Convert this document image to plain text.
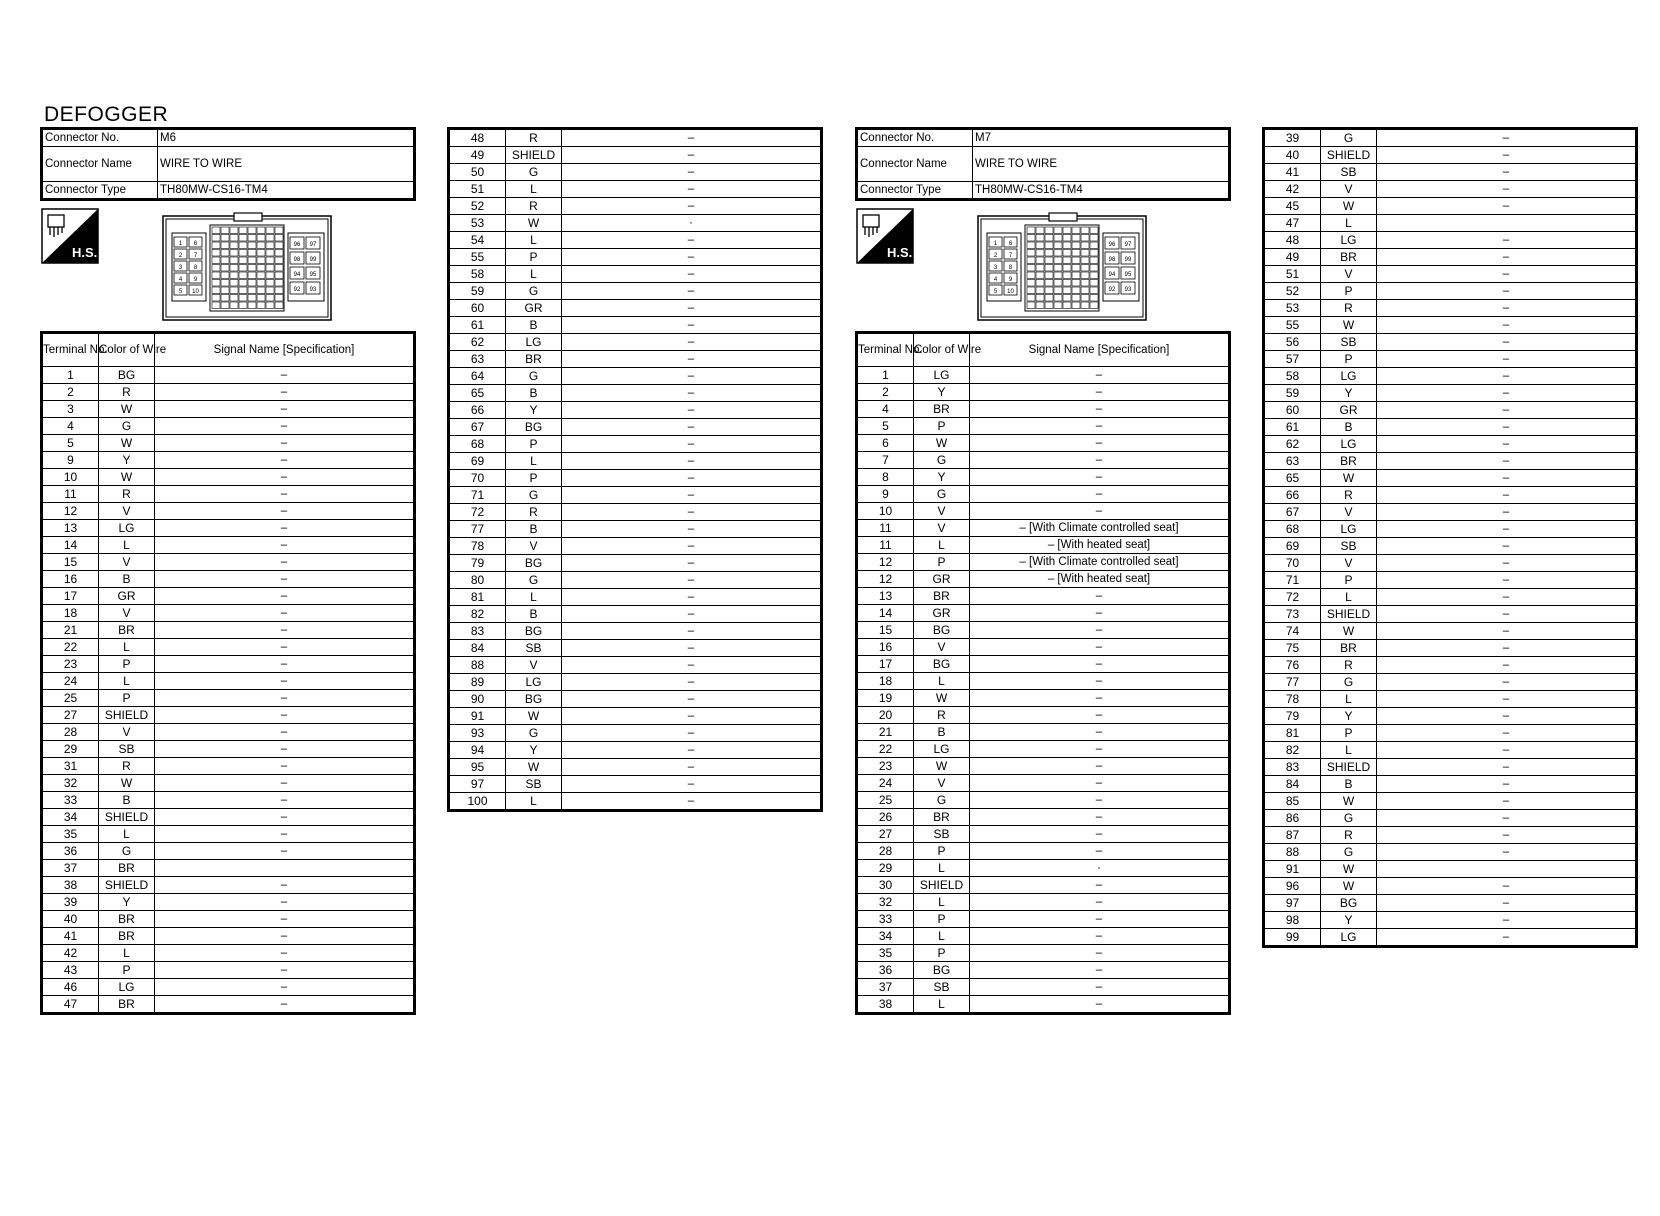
DEFOGGER
Connector No.	M6
Connector Name	WIRE TO WIRE
Connector Type	TH80MW-CS16-TM4
H.S.
1 6
2 7
3 8
4 9
5 10
96 97
98 99
94 95
92 93
Terminal No.	Color of Wire	Signal Name [Specification]
1	BG	–
2	R	–
3	W	–
4	G	–
5	W	–
9	Y	–
10	W	–
11	R	–
12	V	–
13	LG	–
14	L	–
15	V	–
16	B	–
17	GR	–
18	V	–
21	BR	–
22	L	–
23	P	–
24	L	–
25	P	–
27	SHIELD	–
28	V	–
29	SB	–
31	R	–
32	W	–
33	B	–
34	SHIELD	–
35	L	–
36	G	–
37	BR	
38	SHIELD	–
39	Y	–
40	BR	–
41	BR	–
42	L	–
43	P	–
46	LG	–
47	BR	–
48	R	–
49	SHIELD	–
50	G	–
51	L	–
52	R	–
53	W	·
54	L	–
55	P	–
58	L	–
59	G	–
60	GR	–
61	B	–
62	LG	–
63	BR	–
64	G	–
65	B	–
66	Y	–
67	BG	–
68	P	–
69	L	–
70	P	–
71	G	–
72	R	–
77	B	–
78	V	–
79	BG	–
80	G	–
81	L	–
82	B	–
83	BG	–
84	SB	–
88	V	–
89	LG	–
90	BG	–
91	W	–
93	G	–
94	Y	–
95	W	–
97	SB	–
100	L	–
Connector No.	M7
Connector Name	WIRE TO WIRE
Connector Type	TH80MW-CS16-TM4
H.S.
1 6
2 7
3 8
4 9
5 10
96 97
98 99
94 95
92 93
Terminal No.	Color of Wire	Signal Name [Specification]
1	LG	–
2	Y	–
4	BR	–
5	P	–
6	W	–
7	G	–
8	Y	–
9	G	–
10	V	–
11	V	– [With Climate controlled seat]
11	L	– [With heated seat]
12	P	– [With Climate controlled seat]
12	GR	– [With heated seat]
13	BR	–
14	GR	–
15	BG	–
16	V	–
17	BG	–
18	L	–
19	W	–
20	R	–
21	B	–
22	LG	–
23	W	–
24	V	–
25	G	–
26	BR	–
27	SB	–
28	P	–
29	L	·
30	SHIELD	–
32	L	–
33	P	–
34	L	–
35	P	–
36	BG	–
37	SB	–
38	L	–
39	G	–
40	SHIELD	–
41	SB	–
42	V	–
45	W	–
47	L	
48	LG	–
49	BR	–
51	V	–
52	P	–
53	R	–
55	W	–
56	SB	–
57	P	–
58	LG	–
59	Y	–
60	GR	–
61	B	–
62	LG	–
63	BR	–
65	W	–
66	R	–
67	V	–
68	LG	–
69	SB	–
70	V	–
71	P	–
72	L	–
73	SHIELD	–
74	W	–
75	BR	–
76	R	–
77	G	–
78	L	–
79	Y	–
81	P	–
82	L	–
83	SHIELD	–
84	B	–
85	W	–
86	G	–
87	R	–
88	G	–
91	W	
96	W	–
97	BG	–
98	Y	–
99	LG	–
